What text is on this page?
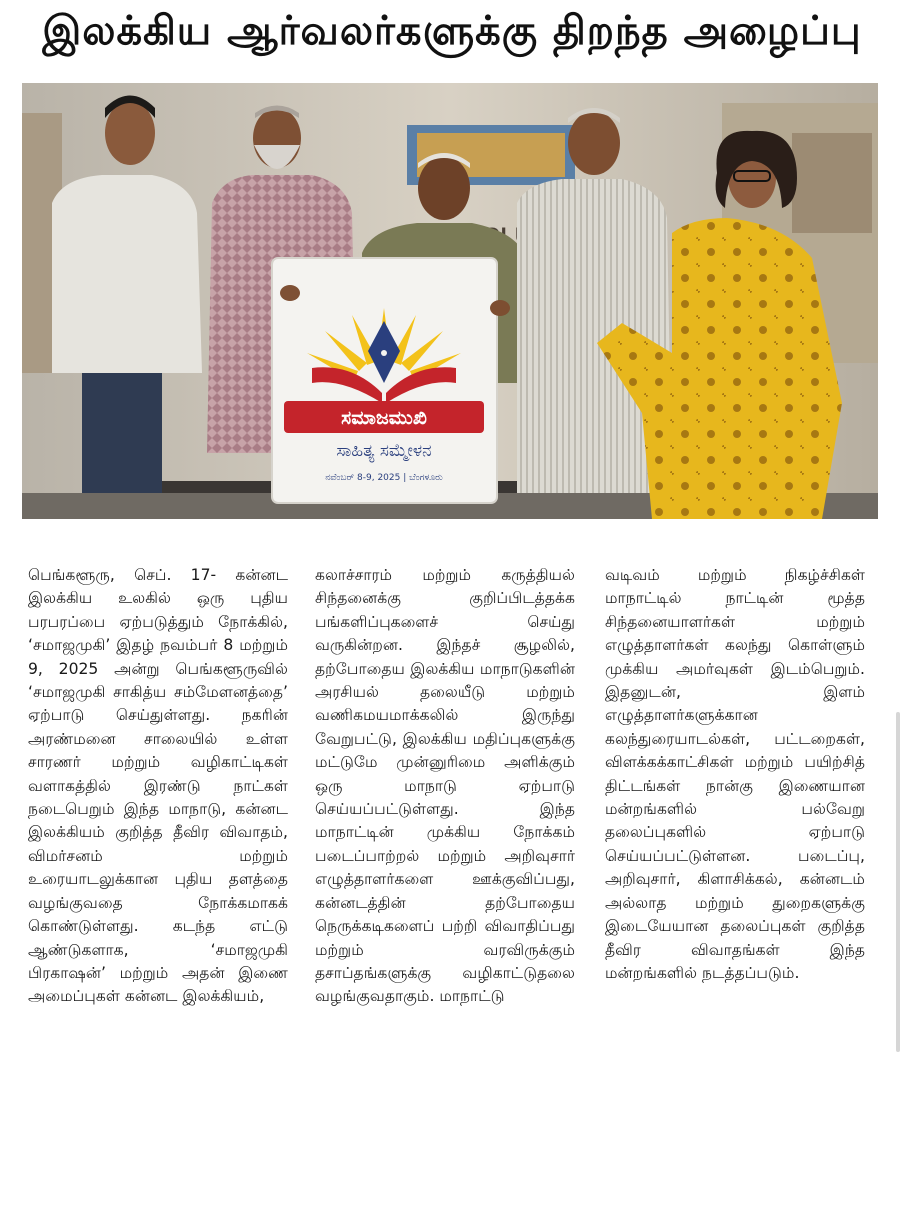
இலக்கிய ஆர்வலர்களுக்கு திறந்த அழைப்பு
CLUB
ಸಮಾಜಮುಖಿ
ಸಾಹಿತ್ಯ ಸಮ್ಮೇಳನ
ನವೆಂಬರ್ 8-9, 2025 | ಬೆಂಗಳೂರು

பெங்களூரு, செப். 17- கன்னட இலக்கிய உலகில் ஒரு புதிய பரபரப்பை ஏற்படுத்தும் நோக்கில், ‘சமாஜமுகி’ இதழ் நவம்பர் 8 மற்றும் 9, 2025 அன்று பெங்களூருவில் ‘சமாஜமுகி சாகித்ய சம்மேளனத்தை’ ஏற்பாடு செய்துள்ளது. நகரின் அரண்மனை சாலையில் உள்ள சாரணர் மற்றும் வழிகாட்டிகள் வளாகத்தில் இரண்டு நாட்கள் நடைபெறும் இந்த மாநாடு, கன்னட இலக்கியம் குறித்த தீவிர விவாதம், விமர்சனம் மற்றும் உரையாடலுக்கான புதிய தளத்தை வழங்குவதை நோக்கமாகக் கொண்டுள்ளது. கடந்த எட்டு ஆண்டுகளாக, ‘சமாஜமுகி பிரகாஷன்’ மற்றும் அதன் இணை அமைப்புகள் கன்னட இலக்கியம்,

கலாச்சாரம் மற்றும் கருத்தியல் சிந்தனைக்கு குறிப்பிடத்தக்க பங்களிப்புகளைச் செய்து வருகின்றன. இந்தச் சூழலில், தற்போதைய இலக்கிய மாநாடுகளின் அரசியல் தலையீடு மற்றும் வணிகமயமாக்கலில் இருந்து வேறுபட்டு, இலக்கிய மதிப்புகளுக்கு மட்டுமே முன்னுரிமை அளிக்கும் ஒரு மாநாடு ஏற்பாடு செய்யப்பட்டுள்ளது. இந்த மாநாட்டின் முக்கிய நோக்கம் படைப்பாற்றல் மற்றும் அறிவுசார் எழுத்தாளர்களை ஊக்குவிப்பது, கன்னடத்தின் தற்போதைய நெருக்கடிகளைப் பற்றி விவாதிப்பது மற்றும் வரவிருக்கும் தசாப்தங்களுக்கு வழிகாட்டுதலை வழங்குவதாகும். மாநாட்டு

வடிவம் மற்றும் நிகழ்ச்சிகள் மாநாட்டில் நாட்டின் மூத்த சிந்தனையாளர்கள் மற்றும் எழுத்தாளர்கள் கலந்து கொள்ளும் முக்கிய அமர்வுகள் இடம்பெறும். இதனுடன், இளம் எழுத்தாளர்களுக்கான கலந்துரையாடல்கள், பட்டறைகள், விளக்கக்காட்சிகள் மற்றும் பயிற்சித் திட்டங்கள் நான்கு இணையான மன்றங்களில் பல்வேறு தலைப்புகளில் ஏற்பாடு செய்யப்பட்டுள்ளன. படைப்பு, அறிவுசார், கிளாசிக்கல், கன்னடம் அல்லாத மற்றும் துறைகளுக்கு இடையேயான தலைப்புகள் குறித்த தீவிர விவாதங்கள் இந்த மன்றங்களில் நடத்தப்படும்.
